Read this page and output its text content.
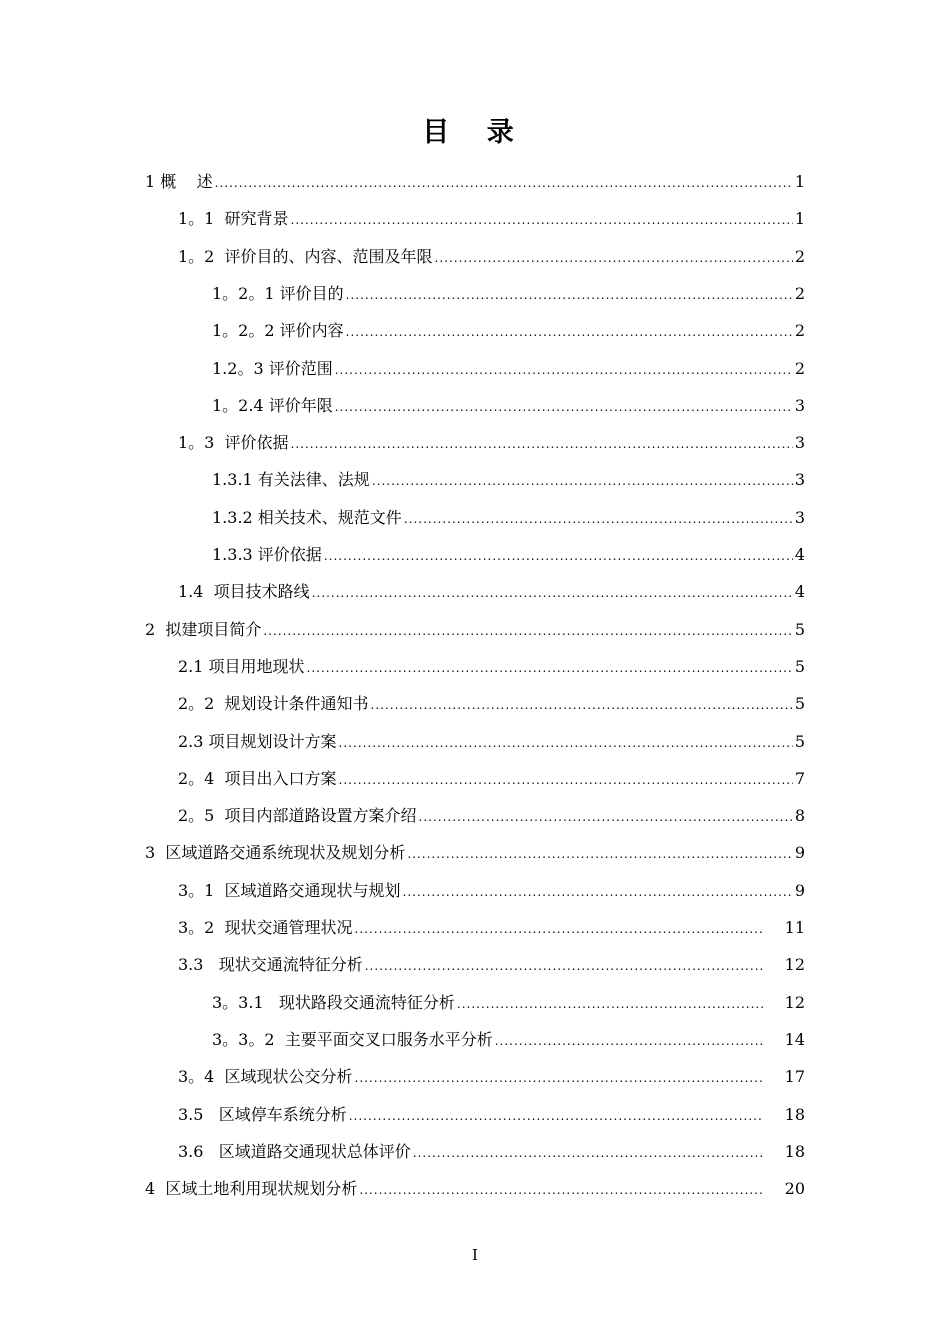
目 录
1 概    述 .....	1
1。1  研究背景 .....	1
1。2  评价目的、内容、范围及年限 .....	2
1。2。1 评价目的 .....	2
1。2。2 评价内容 .....	2
1.2。3 评价范围 .....	2
1。2.4 评价年限 .....	3
1。3  评价依据 .....	3
1.3.1 有关法律、法规 .....	3
1.3.2 相关技术、规范文件 .....	3
1.3.3 评价依据 .....	4
1.4  项目技术路线 .....	4
2  拟建项目简介 .....	5
2.1 项目用地现状 .....	5
2。2  规划设计条件通知书 .....	5
2.3 项目规划设计方案 .....	5
2。4  项目出入口方案 .....	7
2。5  项目内部道路设置方案介绍 .....	8
3  区域道路交通系统现状及规划分析 .....	9
3。1  区域道路交通现状与规划 .....	9
3。2  现状交通管理状况 .....	11
3.3   现状交通流特征分析 .....	12
3。3.1   现状路段交通流特征分析 .....	12
3。3。2  主要平面交叉口服务水平分析 .....	14
3。4  区域现状公交分析 .....	17
3.5   区域停车系统分析 .....	18
3.6   区域道路交通现状总体评价 .....	18
4  区域土地利用现状规划分析 .....	20
I
